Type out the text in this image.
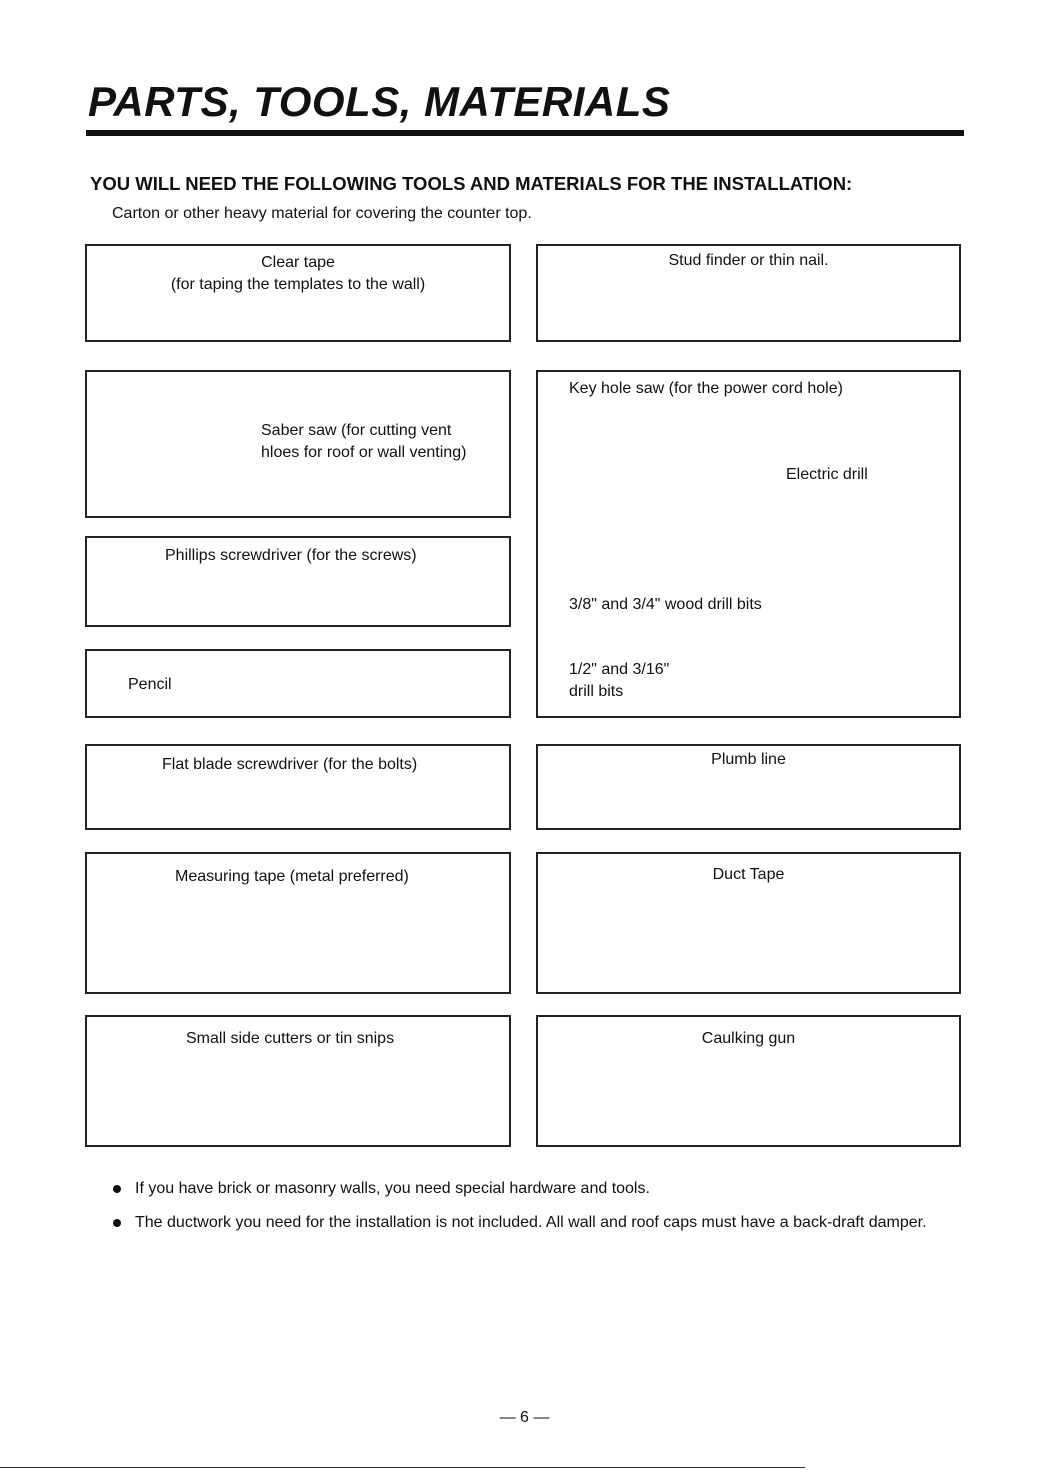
PARTS, TOOLS, MATERIALS
YOU WILL NEED THE FOLLOWING TOOLS AND MATERIALS FOR THE INSTALLATION:
Carton or other heavy material for covering the counter top.
Clear tape
(for taping the templates to the wall)
Stud finder or thin nail.
Saber saw (for cutting vent
hloes for roof or wall venting)
Key hole saw (for the power cord hole)
Electric drill
3/8" and 3/4" wood drill bits
1/2" and 3/16"
drill bits
Phillips screwdriver (for the screws)
Pencil
Flat blade screwdriver (for the bolts)	Plumb line
Measuring tape (metal preferred)	Duct Tape
Small side cutters or tin snips	Caulking gun
If you have brick or masonry walls, you need special hardware and tools.
The ductwork you need for the installation is not included. All wall and roof caps must have a back-draft damper.
— 6 —
